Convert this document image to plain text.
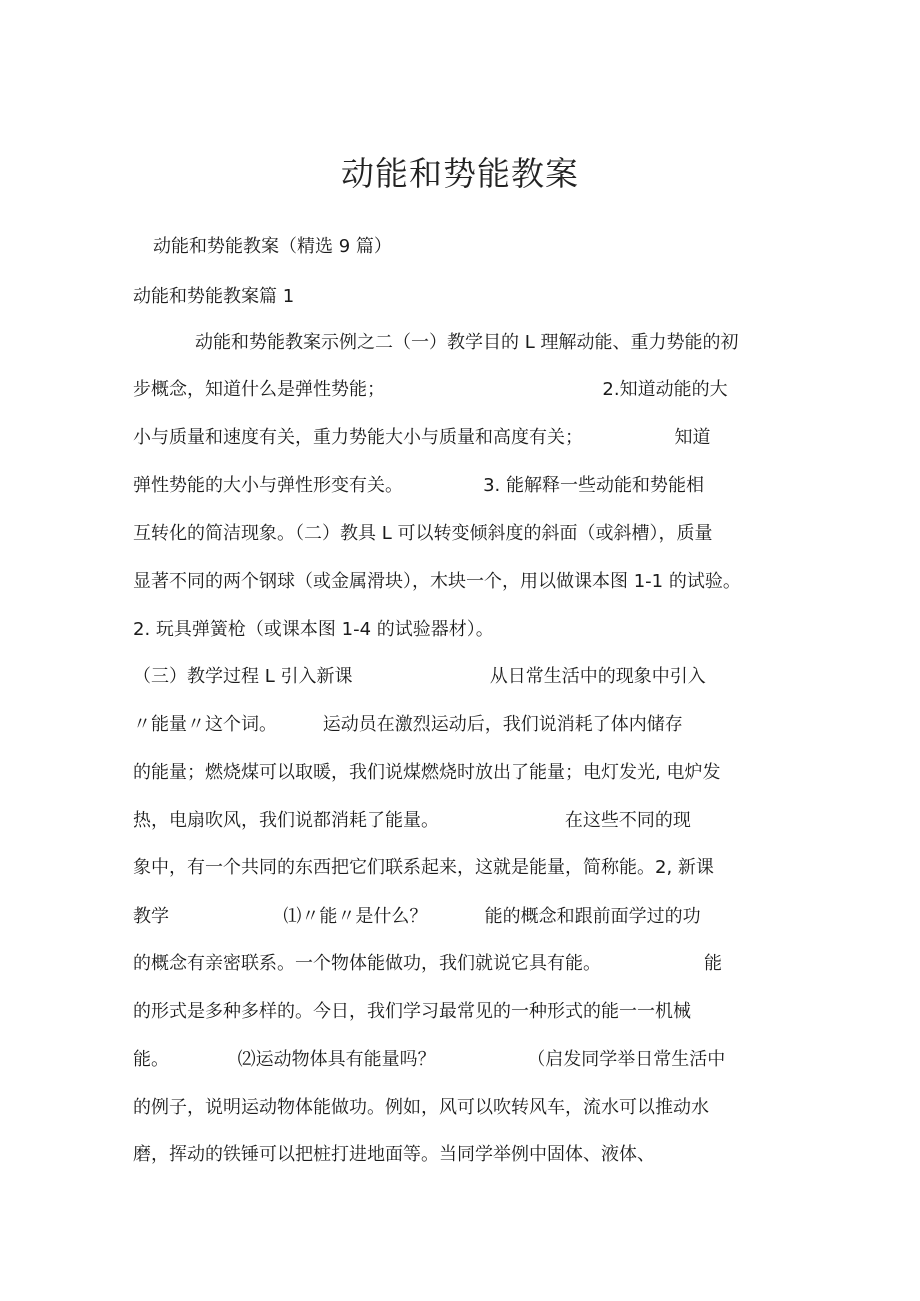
动能和势能教案
动能和势能教案（精选 9 篇）
动能和势能教案篇 1
动能和势能教案示例之二（一）教学目的 L 理解动能、重力势能的初
步概念，知道什么是弹性势能；                                      2.知道动能的大
小与质量和速度有关，重力势能大小与质量和高度有关；                知道
弹性势能的大小与弹性形变有关。              3. 能解释一些动能和势能相
互转化的简洁现象。（二）教具 L 可以转变倾斜度的斜面（或斜槽），质量
显著不同的两个钢球（或金属滑块），木块一个，用以做课本图 1-1 的试验。
2. 玩具弹簧枪（或课本图 1-4 的试验器材）。
（三）教学过程 L 引入新课                        从日常生活中的现象中引入
〃能量〃这个词。        运动员在激烈运动后，我们说消耗了体内储存
的能量；燃烧煤可以取暖，我们说煤燃烧时放出了能量；电灯发光, 电炉发
热，电扇吹风，我们说都消耗了能量。                      在这些不同的现
象中，有一个共同的东西把它们联系起来，这就是能量，简称能。2, 新课
教学                    ⑴〃能〃是什么？          能的概念和跟前面学过的功
的概念有亲密联系。一个物体能做功，我们就说它具有能。                  能
的形式是多种多样的。今日，我们学习最常见的一种形式的能一一机械
能。            ⑵运动物体具有能量吗？                （启发同学举日常生活中
的例子，说明运动物体能做功。例如，风可以吹转风车，流水可以推动水
磨，挥动的铁锤可以把桩打进地面等。当同学举例中固体、液体、
